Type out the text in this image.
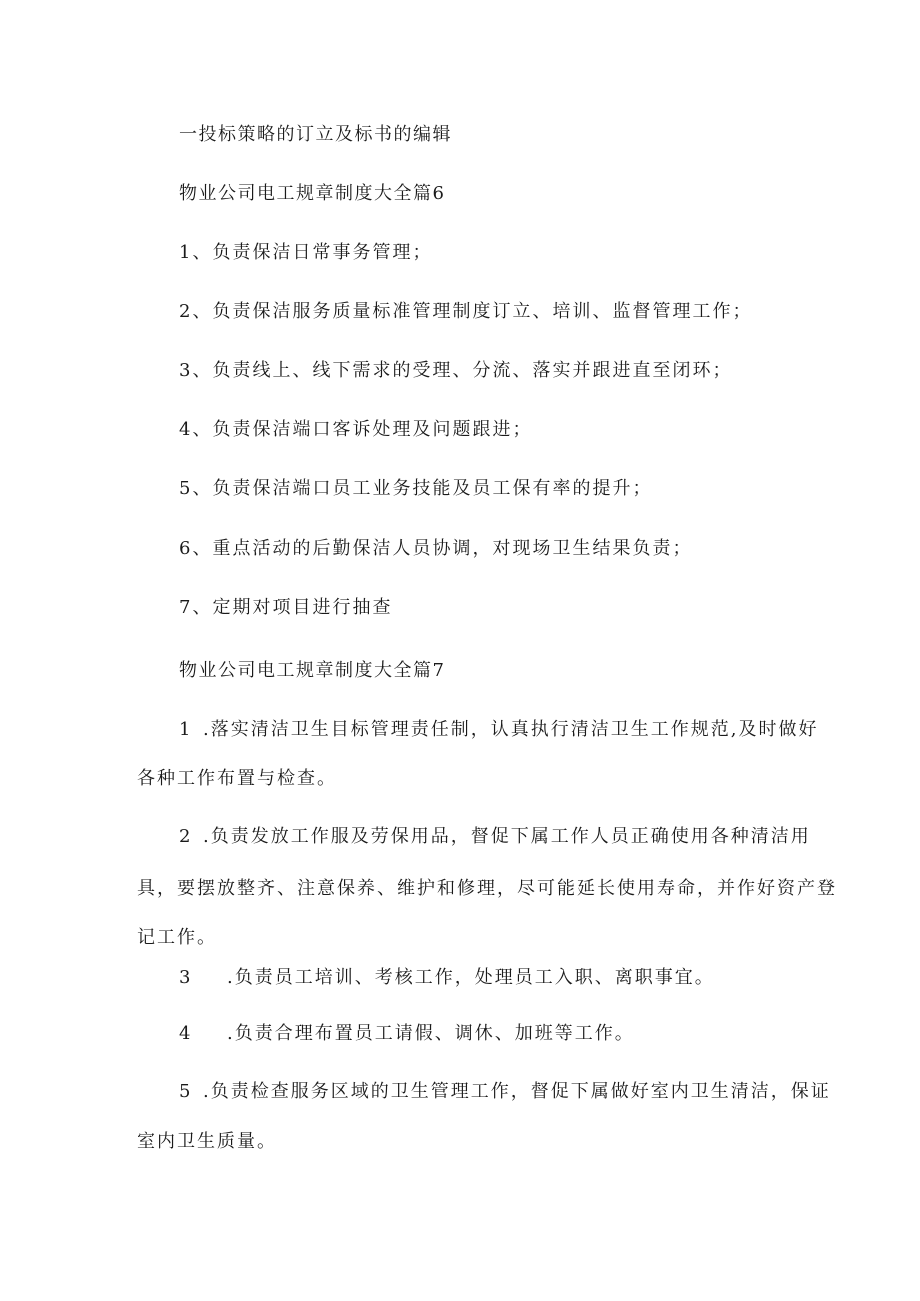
一投标策略的订立及标书的编辑
物业公司电工规章制度大全篇6
1、负责保洁日常事务管理；
2、负责保洁服务质量标准管理制度订立、培训、监督管理工作；
3、负责线上、线下需求的受理、分流、落实并跟进直至闭环；
4、负责保洁端口客诉处理及问题跟进；
5、负责保洁端口员工业务技能及员工保有率的提升；
6、重点活动的后勤保洁人员协调，对现场卫生结果负责；
7、定期对项目进行抽查
物业公司电工规章制度大全篇7
1 .落实清洁卫生目标管理责任制，认真执行清洁卫生工作规范,及时做好
各种工作布置与检查。
2 .负责发放工作服及劳保用品，督促下属工作人员正确使用各种清洁用
具，要摆放整齐、注意保养、维护和修理，尽可能延长使用寿命，并作好资产登
记工作。
3 .负责员工培训、考核工作，处理员工入职、离职事宜。
4 .负责合理布置员工请假、调休、加班等工作。
5 .负责检查服务区域的卫生管理工作，督促下属做好室内卫生清洁，保证
室内卫生质量。
